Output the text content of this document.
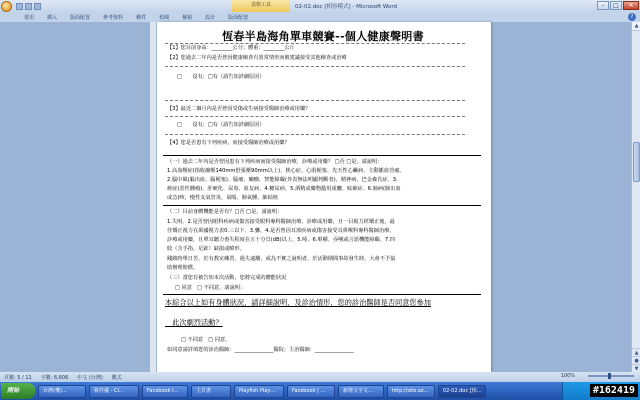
表格工具	02-02.doc [相容模式] - Microsoft Word	–	□	✕
常用	插入	版面配置	參考資料	郵件	校閱	檢視	設計	版面配置	?
恆春半島海角單車競賽--個人健康聲明書
【1】您目前身高：________公分；體重：________公斤
【2】您過去二年內是否曾因健康檢查有異常情形而被建議接受其他檢查或治療
□　　沒有；□有（請告知詳細原因）
【3】最近二個月內是否曾因受傷或生病接受醫師治療或用藥？
□　　沒有；□有（請告知詳細原因）
【4】您是否患有下列疾病，而接受醫師治療或用藥？
（一）過去二年內是否曾因患有下列疾病而接受醫師治療，診療或用藥？ □否 □是，請說明：
1.高血壓症(指收縮壓140mm舒張壓90mm以上)、狹心症、心肌梗塞、先天性心臟病、主動脈血管瘤。
2.腦中風(腦出血、腦梗塞)、腦瘤、癲癇、智能障礙(外表無法明顯判斷者)、精神病、巴金森氏症、3.
癌症(惡性腫瘤)、肝硬化、尿毒、血友病、4.糖尿病、5.酒精或藥物濫用成癮、眩暈症、6.肺病(肺出血
或急)咳、慢性支氣管炎、氣喘、肺氣腫、肺結核
（二）目前身體機能是否有？□否 □是，請說明：
1.失明、2.是否曾因眼科疾病或傷害接受眼科專科醫師治療，診療或用藥，且一目視力經矯正後，最
佳矯正視力在萬國視力表0.三以下、3.聾、4.是否曾因耳部疾病或傷害接受耳鼻喉科專科醫師治療、
診療或用藥，且單耳聽力喪失程度在五十分貝(dB)以上、5.啞、6.咀嚼、吞嚥或言語機能障礙、7.四
肢（含手指、足趾）缺損或畸形。
踐跛時單日苦、於有教室練習、過失遠離，或為不實之說明者，於活動期間事故發生時，大會不予協
助辦理賠償。
（三）當您有被告知本次活動，您將完成的體能狀況
□ 同意　□ 不同意，請說明：
本綜合以上如有身體狀況，請詳細說明，及診治情形，您的診治醫師是否同意您參加
　此次劇烈活動？
□ 不同意　□ 同意，
如同意請詳填您的診治醫師：_______________醫院；主治醫師：_______________
▲
▲
●
▼
頁數: 5 / 11 字數: 6,606 中文 (台灣) 數式	100%
開始	台灣(機)…	軟件優 - Cl…	Facebook I…	主頁書	Playfish Play…	Facebook | …	新增文字文…	http://site.ez…	02-02.doc [相…	#162419
